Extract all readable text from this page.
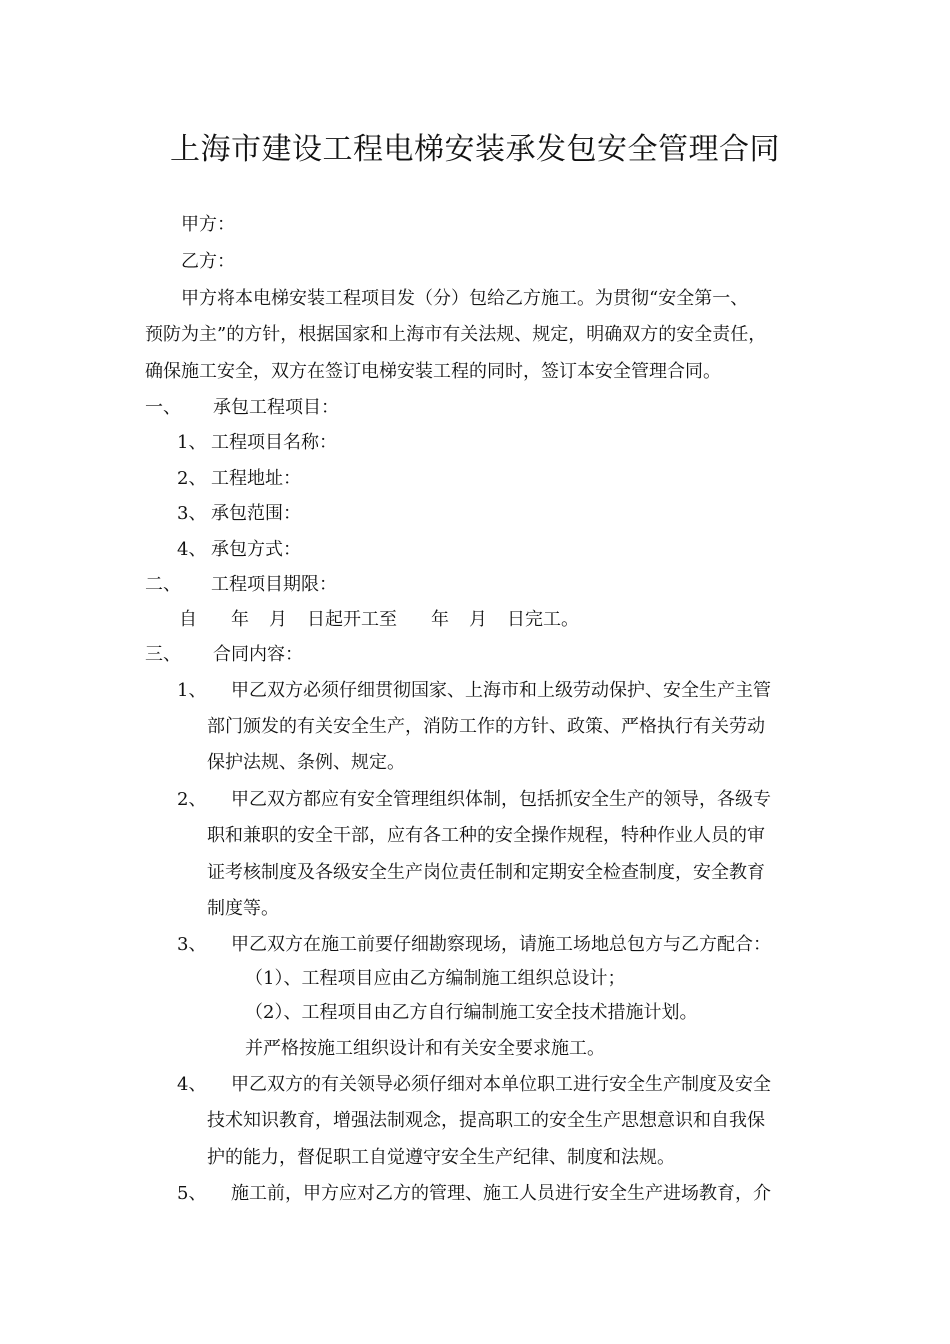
上海市建设工程电梯安装承发包安全管理合同
甲方：
乙方：
甲方将本电梯安装工程项目发（分）包给乙方施工。为贯彻“安全第一、
预防为主”的方针，根据国家和上海市有关法规、规定，明确双方的安全责任，
确保施工安全，双方在签订电梯安装工程的同时，签订本安全管理合同。
一、 承包工程项目：
1、 工程项目名称：
2、 工程地址：
3、 承包范围：
4、 承包方式：
二、 工程项目期限：
自 年 月 日起开工至 年 月 日完工。
三、 合同内容：
1、 甲乙双方必须仔细贯彻国家、上海市和上级劳动保护、安全生产主管
部门颁发的有关安全生产，消防工作的方针、政策、严格执行有关劳动
保护法规、条例、规定。
2、 甲乙双方都应有安全管理组织体制，包括抓安全生产的领导，各级专
职和兼职的安全干部，应有各工种的安全操作规程，特种作业人员的审
证考核制度及各级安全生产岗位责任制和定期安全检查制度，安全教育
制度等。
3、 甲乙双方在施工前要仔细勘察现场，请施工场地总包方与乙方配合：
（1）、工程项目应由乙方编制施工组织总设计；
（2）、工程项目由乙方自行编制施工安全技术措施计划。
并严格按施工组织设计和有关安全要求施工。
4、 甲乙双方的有关领导必须仔细对本单位职工进行安全生产制度及安全
技术知识教育，增强法制观念，提高职工的安全生产思想意识和自我保
护的能力，督促职工自觉遵守安全生产纪律、制度和法规。
5、 施工前，甲方应对乙方的管理、施工人员进行安全生产进场教育，介
